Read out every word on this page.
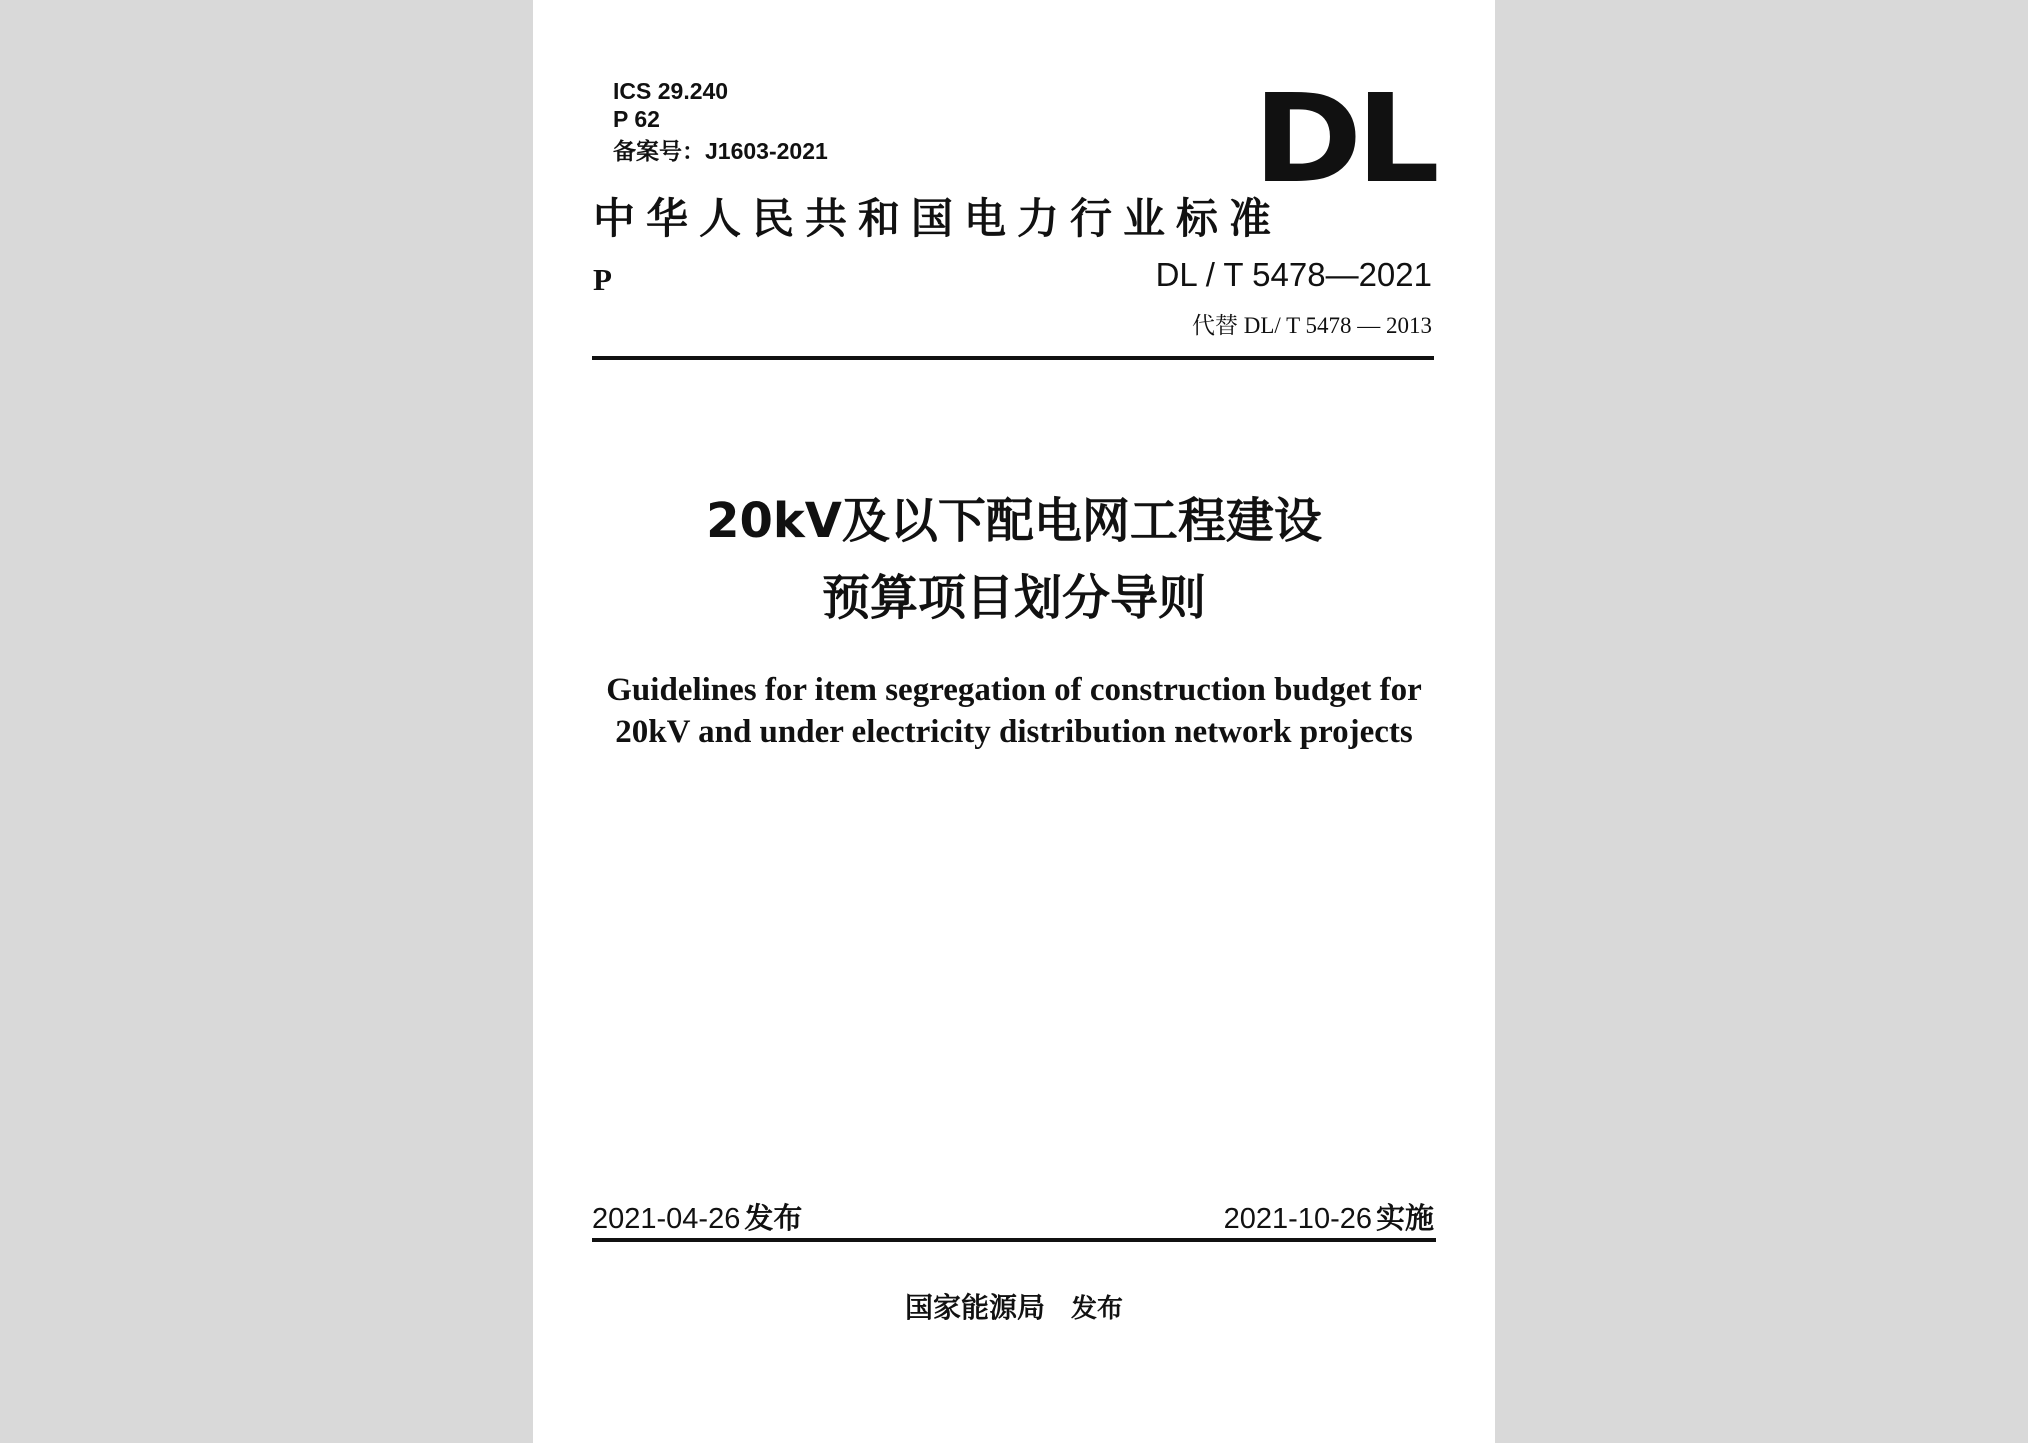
ICS 29.240
P 62
备案号：J1603-2021	DL
中华人民共和国电力行业标准
P	DL / T 5478—2021
代替 DL/ T 5478 — 2013
20kV及以下配电网工程建设
预算项目划分导则
Guidelines for item segregation of construction budget for
20kV and under electricity distribution network projects
2021-04-26 发布	2021-10-26 实施
国家能源局 发布
